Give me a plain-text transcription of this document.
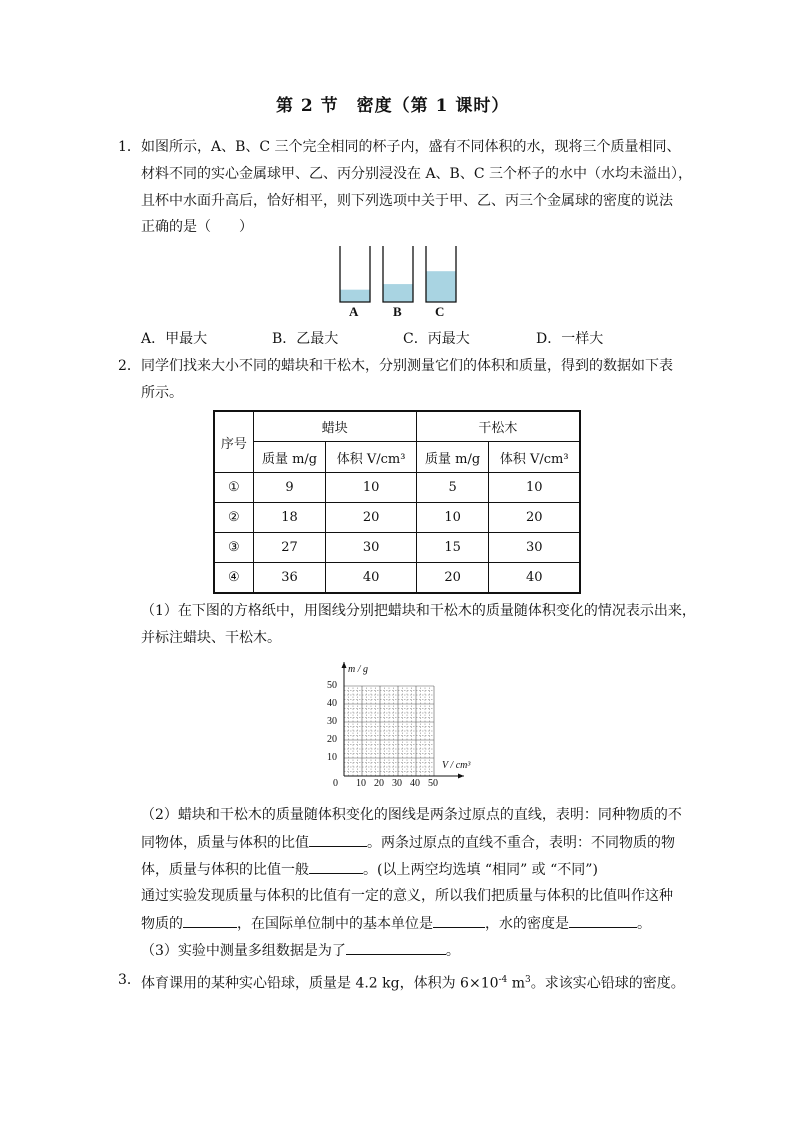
第 2 节　密度（第 1 课时）
1． 如图所示，A、B、C 三个完全相同的杯子内，盛有不同体积的水，现将三个质量相同、
材料不同的实心金属球甲、乙、丙分别浸没在 A、B、C 三个杯子的水中（水均未溢出），
且杯中水面升高后，恰好相平，则下列选项中关于甲、乙、丙三个金属球的密度的说法
正确的是（　　）
A	B	C
A．甲最大	B．乙最大	C．丙最大	D．一样大
2． 同学们找来大小不同的蜡块和干松木，分别测量它们的体积和质量，得到的数据如下表
所示。
序号	蜡块		干松木	
	质量 m/g	体积 V/cm³	质量 m/g	体积 V/cm³
①	9	10	5	10
②	18	20	10	20
③	27	30	15	30
④	36	40	20	40
（1）在下图的方格纸中，用图线分别把蜡块和干松木的质量随体积变化的情况表示出来，
并标注蜡块、干松木。
m / g
V / cm³
0 10 20 30 40 50
10
20
30
40
50
（2）蜡块和干松木的质量随体积变化的图线是两条过原点的直线，表明：同种物质的不
同物体，质量与体积的比值	。两条过原点的直线不重合，表明：不同物质的物
体，质量与体积的比值一般	。(以上两空均选填 “相同” 或 “不同”)
通过实验发现质量与体积的比值有一定的意义，所以我们把质量与体积的比值叫作这种
物质的	，在国际单位制中的基本单位是	，水的密度是	。
（3）实验中测量多组数据是为了	。
3． 体育课用的某种实心铅球，质量是 4.2 kg，体积为 $6\times 10^{-4}$ $m^3$。求该实心铅球的密度。
